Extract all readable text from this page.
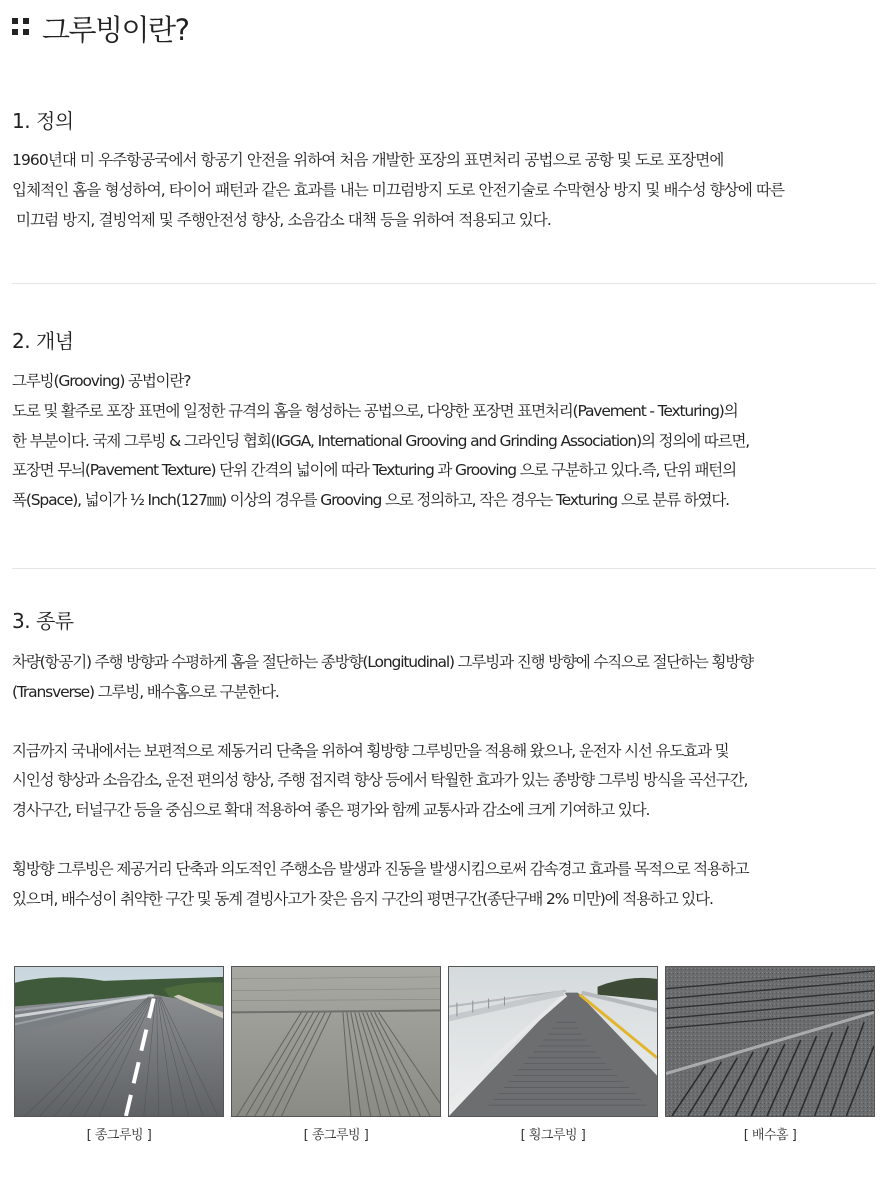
그루빙이란?
1. 정의
1960년대 미 우주항공국에서 항공기 안전을 위하여 처음 개발한 포장의 표면처리 공법으로 공항 및 도로 포장면에
입체적인 홈을 형성하여, 타이어 패턴과 같은 효과를 내는 미끄럼방지 도로 안전기술로 수막현상 방지 및 배수성 향상에 따른
미끄럼 방지, 결빙억제 및 주행안전성 향상, 소음감소 대책 등을 위하여 적용되고 있다.
2. 개념
그루빙(Grooving) 공법이란?
도로 및 활주로 포장 표면에 일정한 규격의 홈을 형성하는 공법으로, 다양한 포장면 표면처리(Pavement - Texturing)의
한 부분이다. 국제 그루빙 & 그라인딩 협회(IGGA, International Grooving and Grinding Association)의 정의에 따르면,
포장면 무늬(Pavement Texture) 단위 간격의 넓이에 따라 Texturing 과 Grooving 으로 구분하고 있다.즉, 단위 패턴의
폭(Space), 넓이가 ½ Inch(127㎜) 이상의 경우를 Grooving 으로 정의하고, 작은 경우는 Texturing 으로 분류 하였다.
3. 종류
차량(항공기) 주행 방향과 수평하게 홈을 절단하는 종방향(Longitudinal) 그루빙과 진행 방향에 수직으로 절단하는 횡방향
(Transverse) 그루빙, 배수홈으로 구분한다.
지금까지 국내에서는 보편적으로 제동거리 단축을 위하여 횡방향 그루빙만을 적용해 왔으나, 운전자 시선 유도효과 및
시인성 향상과 소음감소, 운전 편의성 향상, 주행 접지력 향상 등에서 탁월한 효과가 있는 종방향 그루빙 방식을 곡선구간,
경사구간, 터널구간 등을 중심으로 확대 적용하여 좋은 평가와 함께 교통사과 감소에 크게 기여하고 있다.
횡방향 그루빙은 제공거리 단축과 의도적인 주행소음 발생과 진동을 발생시킴으로써 감속경고 효과를 목적으로 적용하고
있으며, 배수성이 취약한 구간 및 동계 결빙사고가 잦은 음지 구간의 평면구간(종단구배 2% 미만)에 적용하고 있다.
[ 종그루빙 ]	[ 종그루빙 ]	[ 횡그루빙 ]	[ 배수홈 ]
